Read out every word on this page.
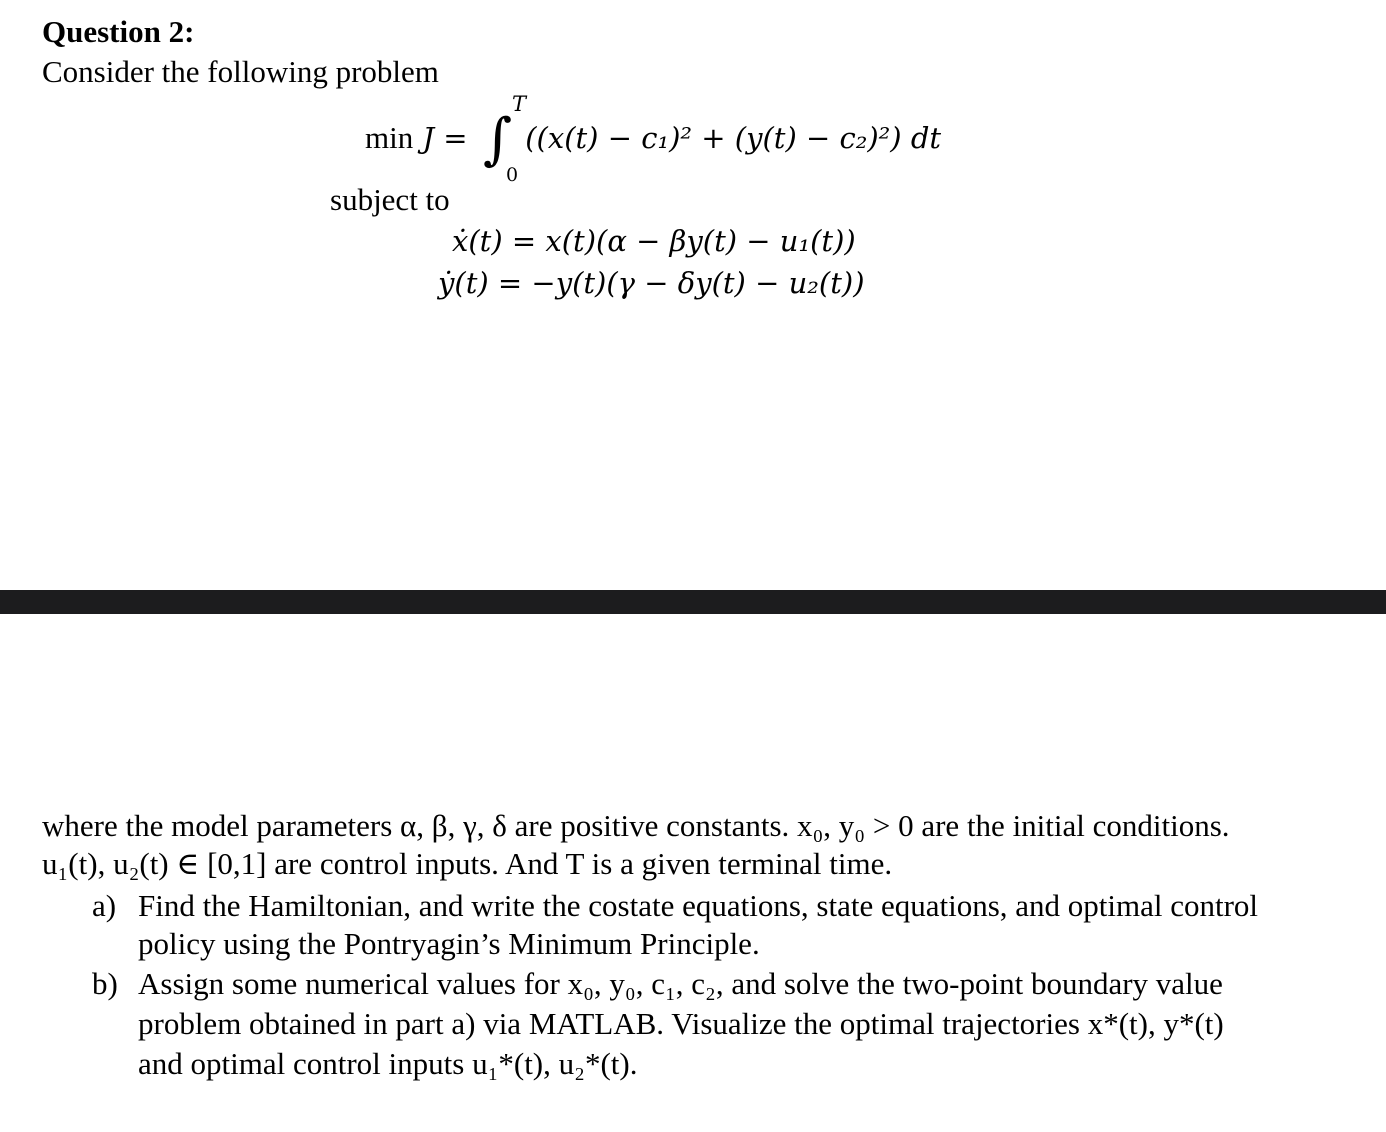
Question 2:
Consider the following problem
min J = ∫ ((x(t) − c₁)² + (y(t) − c₂)²) dt
T
0
subject to
ẋ(t) = x(t)(α − βy(t) − u₁(t))
ẏ(t) = −y(t)(γ − δy(t) − u₂(t))
where the model parameters α, β, γ, δ are positive constants. x₀, y₀ > 0 are the initial conditions.
u₁(t), u₂(t) ∈ [0,1] are control inputs. And T is a given terminal time.
a) Find the Hamiltonian, and write the costate equations, state equations, and optimal control
policy using the Pontryagin’s Minimum Principle.
b) Assign some numerical values for x₀, y₀, c₁, c₂, and solve the two-point boundary value
problem obtained in part a) via MATLAB. Visualize the optimal trajectories x*(t), y*(t)
and optimal control inputs u₁*(t), u₂*(t).
